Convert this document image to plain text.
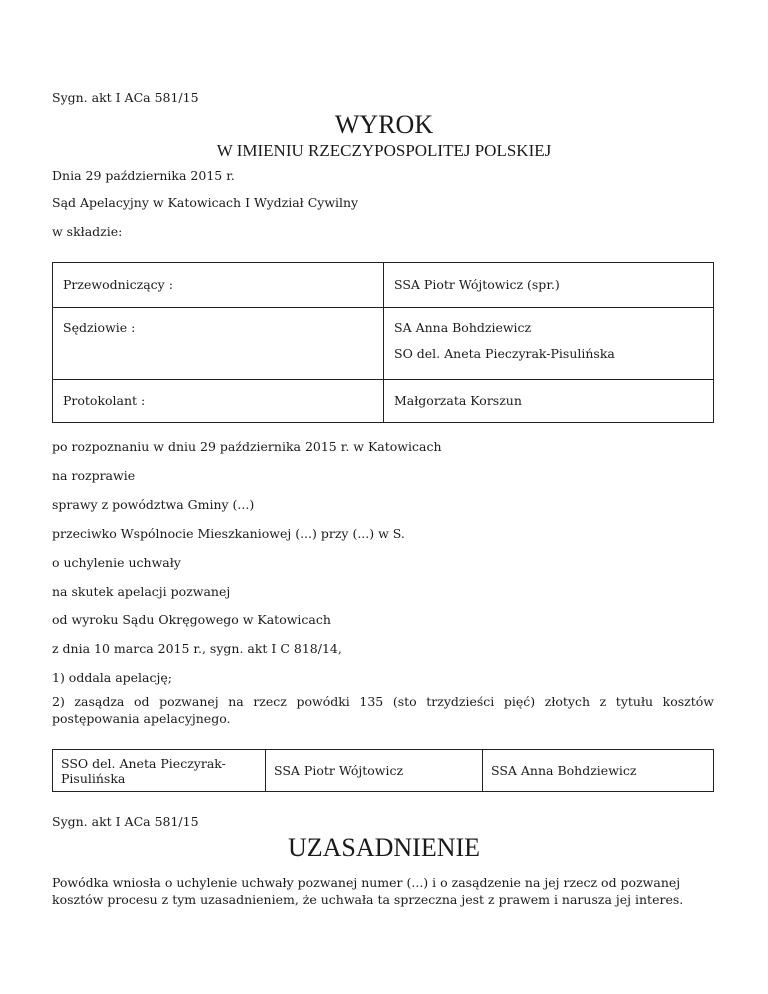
Sygn. akt I ACa 581/15
WYROK
W IMIENIU RZECZYPOSPOLITEJ POLSKIEJ
Dnia 29 października 2015 r.
Sąd Apelacyjny w Katowicach I Wydział Cywilny
w składzie:
Przewodniczący :	SSA Piotr Wójtowicz (spr.)
Sędziowie :	SA Anna Bohdziewicz
SO del. Aneta Pieczyrak-Pisulińska

Protokolant :	Małgorzata Korszun
po rozpoznaniu w dniu 29 października 2015 r. w Katowicach
na rozprawie
sprawy z powództwa Gminy (...)
przeciwko Wspólnocie Mieszkaniowej (...) przy (...) w S.
o uchylenie uchwały
na skutek apelacji pozwanej
od wyroku Sądu Okręgowego w Katowicach
z dnia 10 marca 2015 r., sygn. akt I C 818/14,
1) oddala apelację;
2) zasądza od pozwanej na rzecz powódki 135 (sto trzydzieści pięć) złotych z tytułu kosztów postępowania apelacyjnego.
SSO del. Aneta Pieczyrak-Pisulińska	SSA Piotr Wójtowicz	SSA Anna Bohdziewicz
Sygn. akt I ACa 581/15
UZASADNIENIE
Powódka wniosła o uchylenie uchwały pozwanej numer (...) i o zasądzenie na jej rzecz od pozwanej kosztów procesu z tym uzasadnieniem, że uchwała ta sprzeczna jest z prawem i narusza jej interes.
